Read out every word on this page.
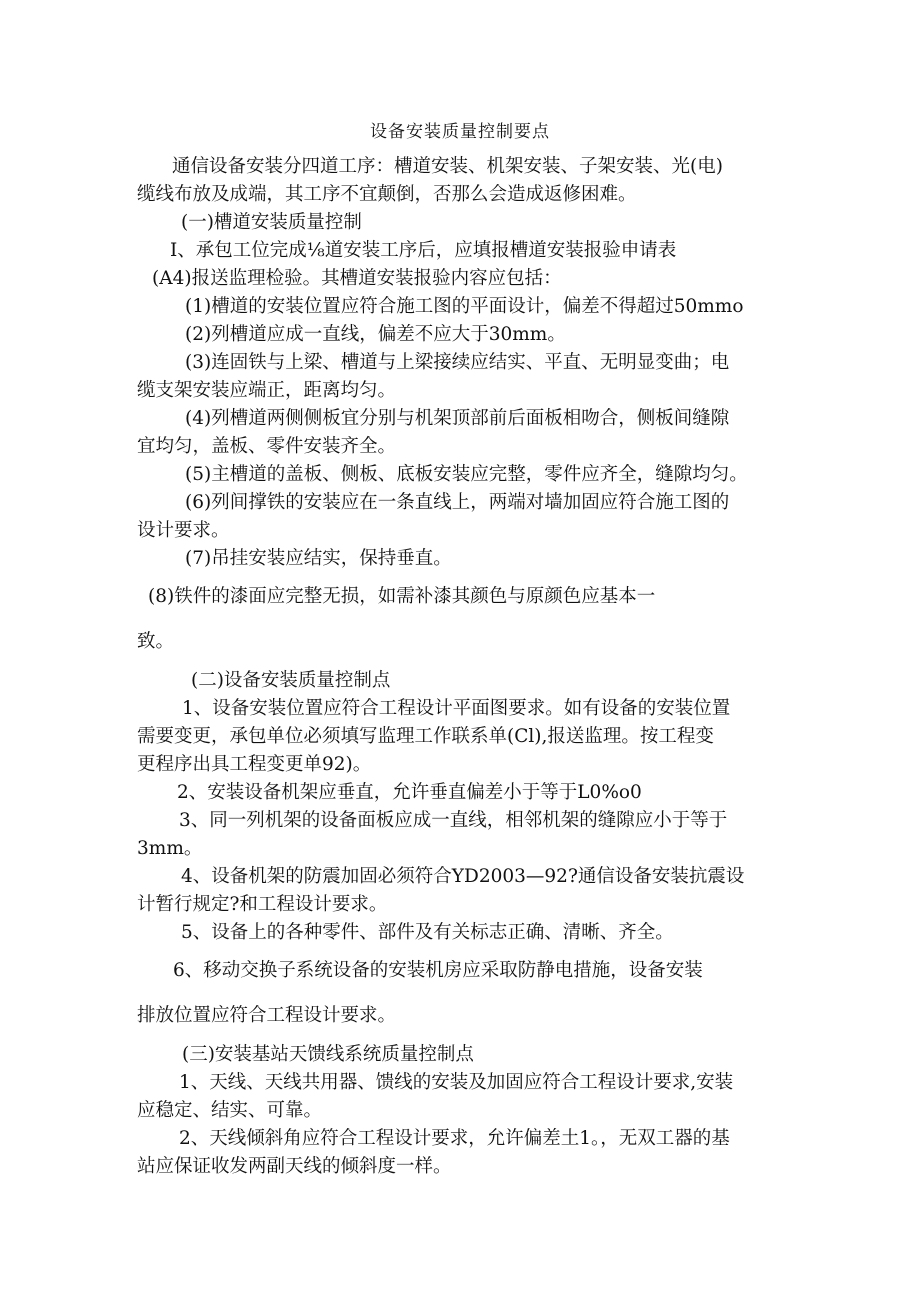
设备安装质量控制要点
通信设备安装分四道工序：槽道安装、机架安装、子架安装、光(电)
缆线布放及成端，其工序不宜颠倒，否那么会造成返修困难。
(一)槽道安装质量控制
I、承包工位完成⅛道安装工序后，应填报槽道安装报验申请表
(A4)报送监理检验。其槽道安装报验内容应包括：
(1)槽道的安装位置应符合施工图的平面设计，偏差不得超过50mmo
(2)列槽道应成一直线，偏差不应大于30mm。
(3)连固铁与上梁、槽道与上梁接续应结实、平直、无明显变曲；电
缆支架安装应端正，距离均匀。
(4)列槽道两侧侧板宜分别与机架顶部前后面板相吻合，侧板间缝隙
宜均匀，盖板、零件安装齐全。
(5)主槽道的盖板、侧板、底板安装应完整，零件应齐全，缝隙均匀。
(6)列间撑铁的安装应在一条直线上，两端对墙加固应符合施工图的
设计要求。
(7)吊挂安装应结实，保持垂直。
(8)铁件的漆面应完整无损，如需补漆其颜色与原颜色应基本一
致。
(二)设备安装质量控制点
1、设备安装位置应符合工程设计平面图要求。如有设备的安装位置
需要变更，承包单位必须填写监理工作联系单(Cl),报送监理。按工程变
更程序出具工程变更单92)。
2、安装设备机架应垂直，允许垂直偏差小于等于L0%o0
3、同一列机架的设备面板应成一直线，相邻机架的缝隙应小于等于
3mm。
4、设备机架的防震加固必须符合YD2003—92?通信设备安装抗震设
计暂行规定?和工程设计要求。
5、设备上的各种零件、部件及有关标志正确、清晰、齐全。
6、移动交换子系统设备的安装机房应采取防静电措施，设备安装
排放位置应符合工程设计要求。
(三)安装基站天馈线系统质量控制点
1、天线、天线共用器、馈线的安装及加固应符合工程设计要求,安装
应稳定、结实、可靠。
2、天线倾斜角应符合工程设计要求，允许偏差土1。，无双工器的基
站应保证收发两副天线的倾斜度一样。
